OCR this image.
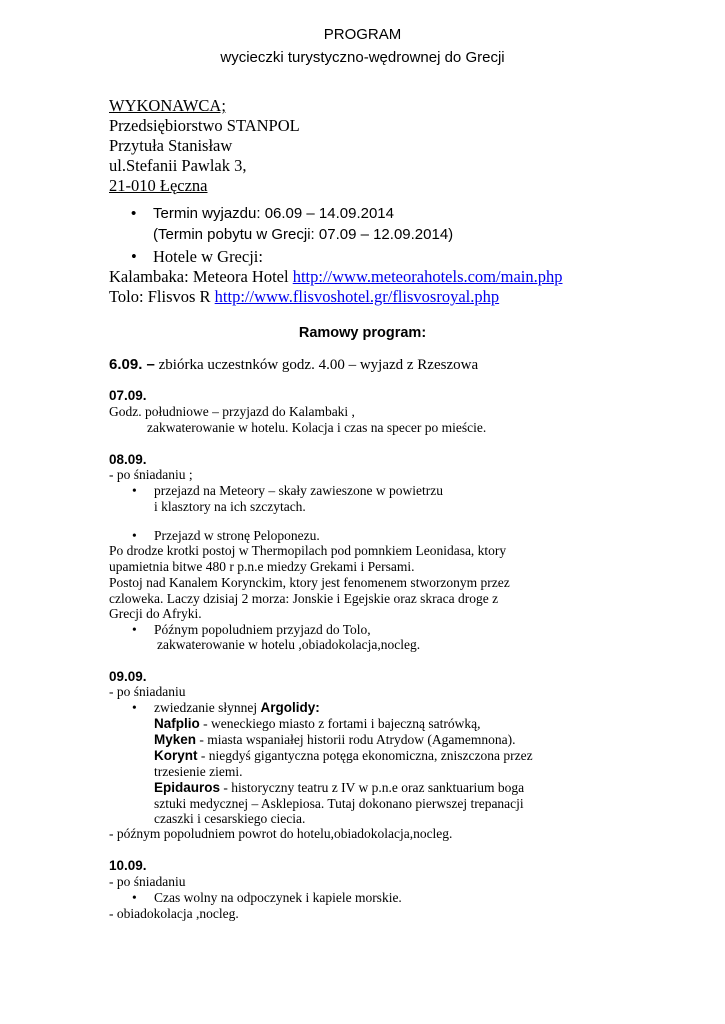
PROGRAM
wycieczki turystyczno-wędrownej do Grecji
WYKONAWCA;
Przedsiębiorstwo STANPOL
Przytuła Stanisław
ul.Stefanii Pawlak 3,
21-010 Łęczna
• Termin wyjazdu: 06.09 – 14.09.2014
(Termin pobytu w Grecji: 07.09 – 12.09.2014)
• Hotele w Grecji:
Kalambaka: Meteora Hotel http://www.meteorahotels.com/main.php
Tolo: Flisvos R http://www.flisvoshotel.gr/flisvosroyal.php
Ramowy program:
6.09. – zbiórka uczestnków godz. 4.00 – wyjazd z Rzeszowa
07.09.
Godz. południowe – przyjazd do Kalambaki ,
zakwaterowanie w hotelu. Kolacja i czas na specer po mieście.
08.09.
- po śniadaniu ;
• przejazd na Meteory – skały zawieszone w powietrzu
i klasztory na ich szczytach.
• Przejazd w stronę Peloponezu.
Po drodze krotki postoj w Thermopilach pod pomnkiem Leonidasa, ktory
upamietnia bitwe 480 r p.n.e miedzy Grekami i Persami.
Postoj nad Kanalem Korynckim, ktory jest fenomenem stworzonym przez
czloweka. Laczy dzisiaj 2 morza: Jonskie i Egejskie oraz skraca droge z
Grecji do Afryki.
• Późnym popoludniem przyjazd do Tolo,
zakwaterowanie w hotelu ,obiadokolacja,nocleg.
09.09.
- po śniadaniu
• zwiedzanie słynnej Argolidy:
Nafplio - weneckiego miasto z fortami i bajeczną satrówką,
Myken - miasta wspaniałej historii rodu Atrydow (Agamemnona).
Korynt - niegdyś gigantyczna potęga ekonomiczna, zniszczona przez
trzesienie ziemi.
Epidauros - historyczny teatru z IV w p.n.e oraz sanktuarium boga
sztuki medycznej – Asklepiosa. Tutaj dokonano pierwszej trepanacji
czaszki i cesarskiego ciecia.
- późnym popoludniem powrot do hotelu,obiadokolacja,nocleg.
10.09.
- po śniadaniu
• Czas wolny na odpoczynek i kapiele morskie.
- obiadokolacja ,nocleg.
